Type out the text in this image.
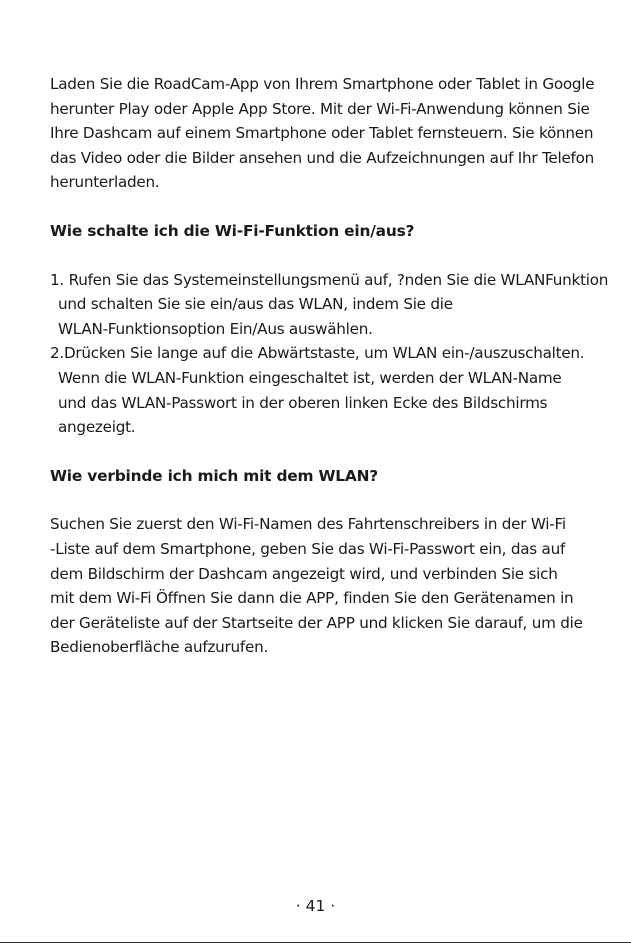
Laden Sie die RoadCam-App von Ihrem Smartphone oder Tablet in Google

herunter Play oder Apple App Store. Mit der Wi-Fi-Anwendung können Sie

Ihre Dashcam auf einem Smartphone oder Tablet fernsteuern. Sie können

das Video oder die Bilder ansehen und die Aufzeichnungen auf Ihr Telefon

herunterladen.

Wie schalte ich die Wi-Fi-Funktion ein/aus?

1. Rufen Sie das Systemeinstellungsmenü auf, ?nden Sie die WLANFunktion

und schalten Sie sie ein/aus das WLAN, indem Sie die

WLAN-Funktionsoption Ein/Aus auswählen.

2.Drücken Sie lange auf die Abwärtstaste, um WLAN ein-/auszuschalten.

Wenn die WLAN-Funktion eingeschaltet ist, werden der WLAN-Name

und das WLAN-Passwort in der oberen linken Ecke des Bildschirms

angezeigt.

Wie verbinde ich mich mit dem WLAN?

Suchen Sie zuerst den Wi-Fi-Namen des Fahrtenschreibers in der Wi-Fi

-Liste auf dem Smartphone, geben Sie das Wi-Fi-Passwort ein, das auf

dem Bildschirm der Dashcam angezeigt wird, und verbinden Sie sich

mit dem Wi-Fi Öffnen Sie dann die APP, finden Sie den Gerätenamen in

der Geräteliste auf der Startseite der APP und klicken Sie darauf, um die

Bedienoberfläche aufzurufen.

· 41 ·
